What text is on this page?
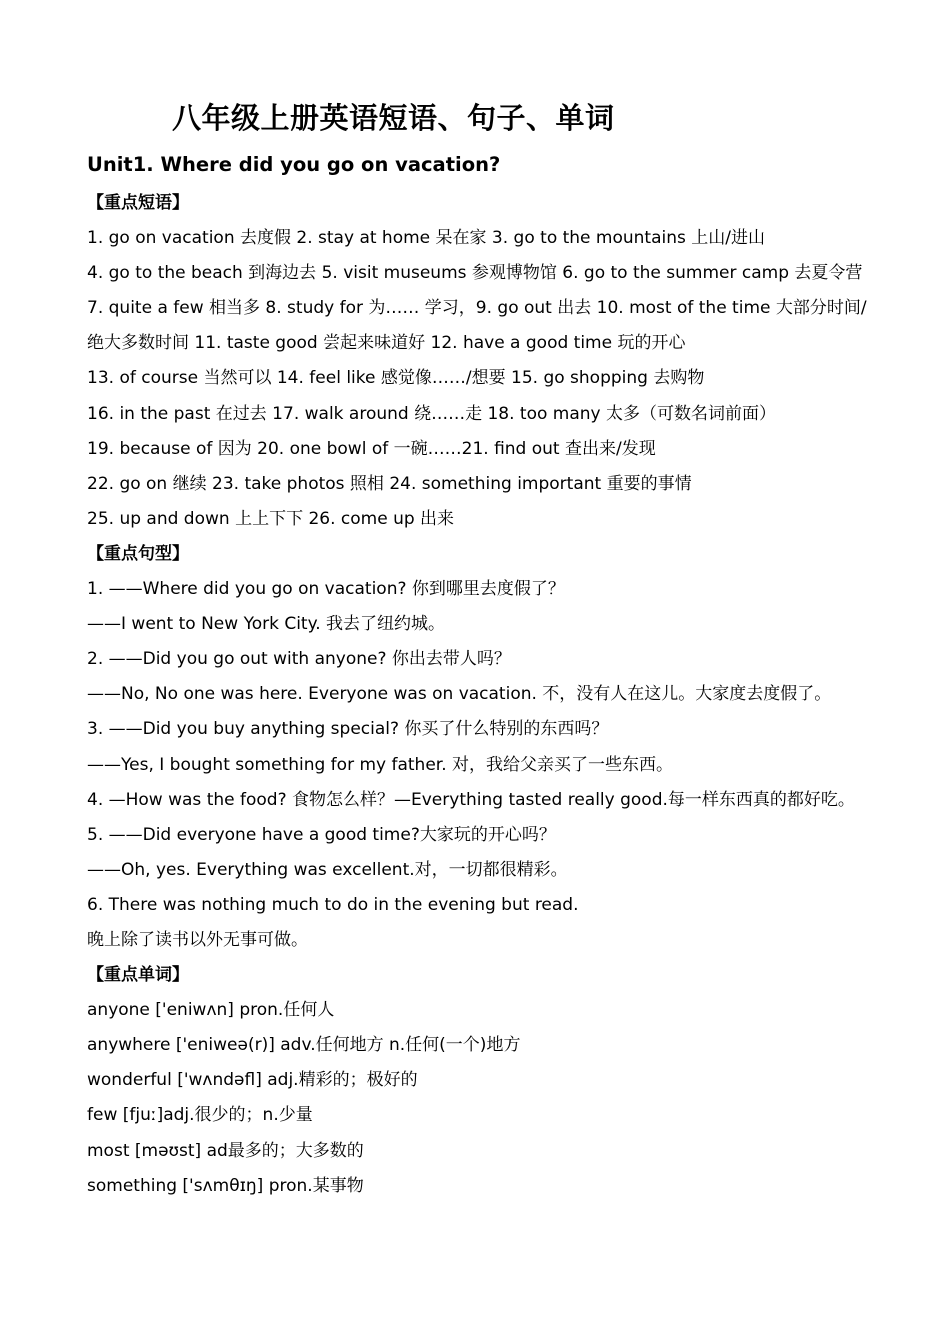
八年级上册英语短语、句子、单词
Unit1. Where did you go on vacation?
【重点短语】
1. go on vacation 去度假 2. stay at home 呆在家 3. go to the mountains 上山/进山
4. go to the beach 到海边去 5. visit museums 参观博物馆 6. go to the summer camp 去夏令营
7. quite a few 相当多 8. study for 为…… 学习，9. go out 出去 10. most of the time 大部分时间/
绝大多数时间 11. taste good 尝起来味道好 12. have a good time 玩的开心
13. of course 当然可以 14. feel like 感觉像……/想要 15. go shopping 去购物
16. in the past 在过去 17. walk around 绕……走 18. too many 太多（可数名词前面）
19. because of 因为 20. one bowl of 一碗……21. find out 查出来/发现
22. go on 继续 23. take photos 照相 24. something important 重要的事情
25. up and down 上上下下 26. come up 出来
【重点句型】
1. ——Where did you go on vacation? 你到哪里去度假了？
——I went to New York City. 我去了纽约城。
2. ——Did you go out with anyone? 你出去带人吗？
——No, No one was here. Everyone was on vacation. 不，没有人在这儿。大家度去度假了。
3. ——Did you buy anything special? 你买了什么特别的东西吗？
——Yes, I bought something for my father. 对，我给父亲买了一些东西。
4. —How was the food? 食物怎么样？—Everything tasted really good.每一样东西真的都好吃。
5. ——Did everyone have a good time?大家玩的开心吗？
——Oh, yes. Everything was excellent.对，一切都很精彩。
6. There was nothing much to do in the evening but read.
晚上除了读书以外无事可做。
【重点单词】
anyone ['eniwʌn] pron.任何人
anywhere ['eniweə(r)] adv.任何地方 n.任何(一个)地方
wonderful ['wʌndəfl] adj.精彩的；极好的
few [fjuː]adj.很少的；n.少量
most [məʊst] ad最多的；大多数的
something ['sʌmθɪŋ] pron.某事物
